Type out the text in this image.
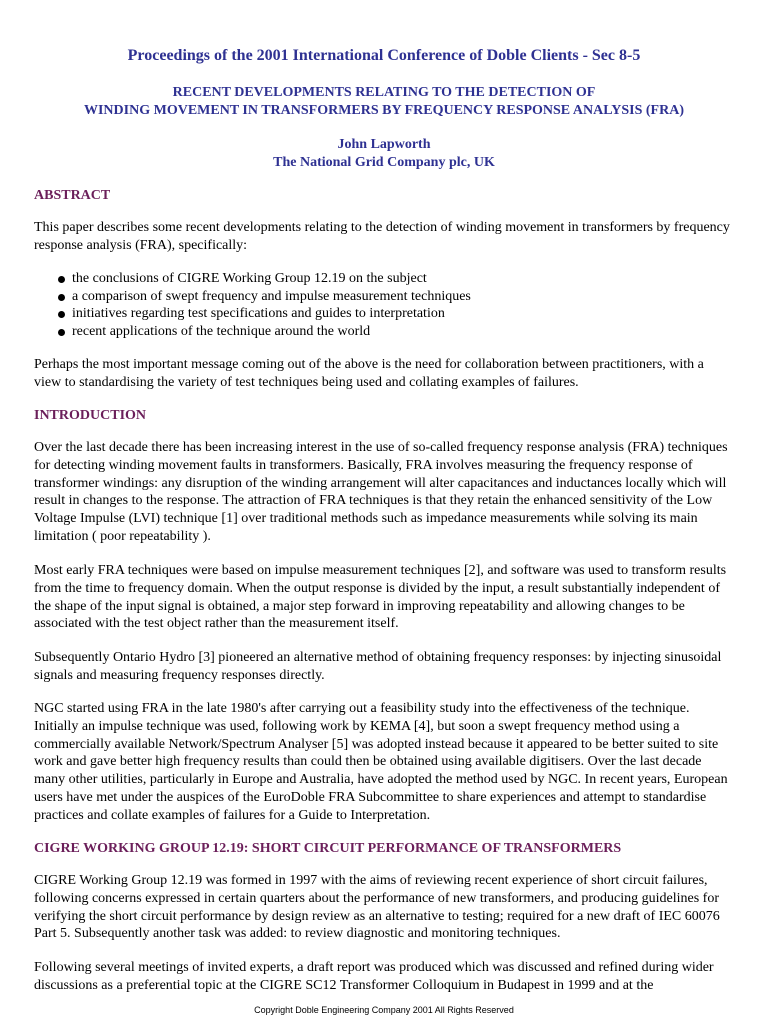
Proceedings of the 2001 International Conference of Doble Clients - Sec 8-5
RECENT DEVELOPMENTS RELATING TO THE DETECTION OF
WINDING MOVEMENT IN TRANSFORMERS BY FREQUENCY RESPONSE ANALYSIS (FRA)
John Lapworth
The National Grid Company plc, UK
ABSTRACT
This paper describes some recent developments relating to the detection of winding movement in transformers by frequency response analysis (FRA), specifically:
the conclusions of CIGRE Working Group 12.19 on the subject
a comparison of swept frequency and impulse measurement techniques
initiatives regarding test specifications and guides to interpretation
recent applications of the technique around the world
Perhaps the most important message coming out of the above is the need for collaboration between practitioners, with a view to standardising the variety of test techniques being used and collating examples of failures.
INTRODUCTION
Over the last decade there has been increasing interest in the use of so-called frequency response analysis (FRA) techniques for detecting winding movement faults in transformers. Basically, FRA involves measuring the frequency response of transformer windings: any disruption of the winding arrangement will alter capacitances and inductances locally which will result in changes to the response. The attraction of FRA techniques is that they retain the enhanced sensitivity of the Low Voltage Impulse (LVI) technique [1] over traditional methods such as impedance measurements while solving its main limitation ( poor repeatability ).
Most early FRA techniques were based on impulse measurement techniques [2], and software was used to transform results from the time to frequency domain. When the output response is divided by the input, a result substantially independent of the shape of the input signal is obtained, a major step forward in improving repeatability and allowing changes to be associated with the test object rather than the measurement itself.
Subsequently Ontario Hydro [3] pioneered an alternative method of obtaining frequency responses: by injecting sinusoidal signals and measuring frequency responses directly.
NGC started using FRA in the late 1980's after carrying out a feasibility study into the effectiveness of the technique. Initially an impulse technique was used, following work by KEMA [4], but soon a swept frequency method using a commercially available Network/Spectrum Analyser [5] was adopted instead because it appeared to be better suited to site work and gave better high frequency results than could then be obtained using available digitisers. Over the last decade many other utilities, particularly in Europe and Australia, have adopted the method used by NGC. In recent years, European users have met under the auspices of the EuroDoble FRA Subcommittee to share experiences and attempt to standardise practices and collate examples of failures for a Guide to Interpretation.
CIGRE WORKING GROUP 12.19: SHORT CIRCUIT PERFORMANCE OF TRANSFORMERS
CIGRE Working Group 12.19 was formed in 1997 with the aims of reviewing recent experience of short circuit failures, following concerns expressed in certain quarters about the performance of new transformers, and producing guidelines for verifying the short circuit performance by design review as an alternative to testing; required for a new draft of IEC 60076 Part 5. Subsequently another task was added: to review diagnostic and monitoring techniques.
Following several meetings of invited experts, a draft report was produced which was discussed and refined during wider discussions as a preferential topic at the CIGRE SC12 Transformer Colloquium in Budapest in 1999 and at the
Copyright Doble Engineering Company 2001 All Rights Reserved
